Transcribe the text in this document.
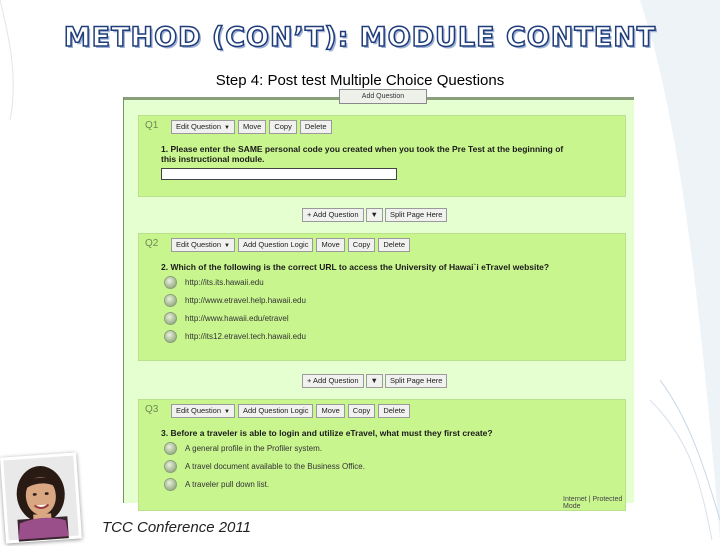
METHOD (CON’T): MODULE CONTENT
Step 4: Post test Multiple Choice Questions
Add Question
Q1	Edit Question ▼	Move	Copy	Delete
1. Please enter the SAME personal code you created when you took the Pre Test at the beginning of
this instructional module.
+ Add Question	▼	Split Page Here
Q2	Edit Question ▼	Add Question Logic	Move	Copy	Delete
2. Which of the following is the correct URL to access the University of Hawai`i eTravel website?
http://its.its.hawaii.edu
http://www.etravel.help.hawaii.edu
http://www.hawaii.edu/etravel
http://its12.etravel.tech.hawaii.edu
+ Add Question	▼	Split Page Here
Q3	Edit Question ▼	Add Question Logic	Move	Copy	Delete
3. Before a traveler is able to login and utilize eTravel, what must they first create?
A general profile in the Profiler system.
A travel document available to the Business Office.
A traveler pull down list.
Internet | Protected Mode
TCC Conference 2011
